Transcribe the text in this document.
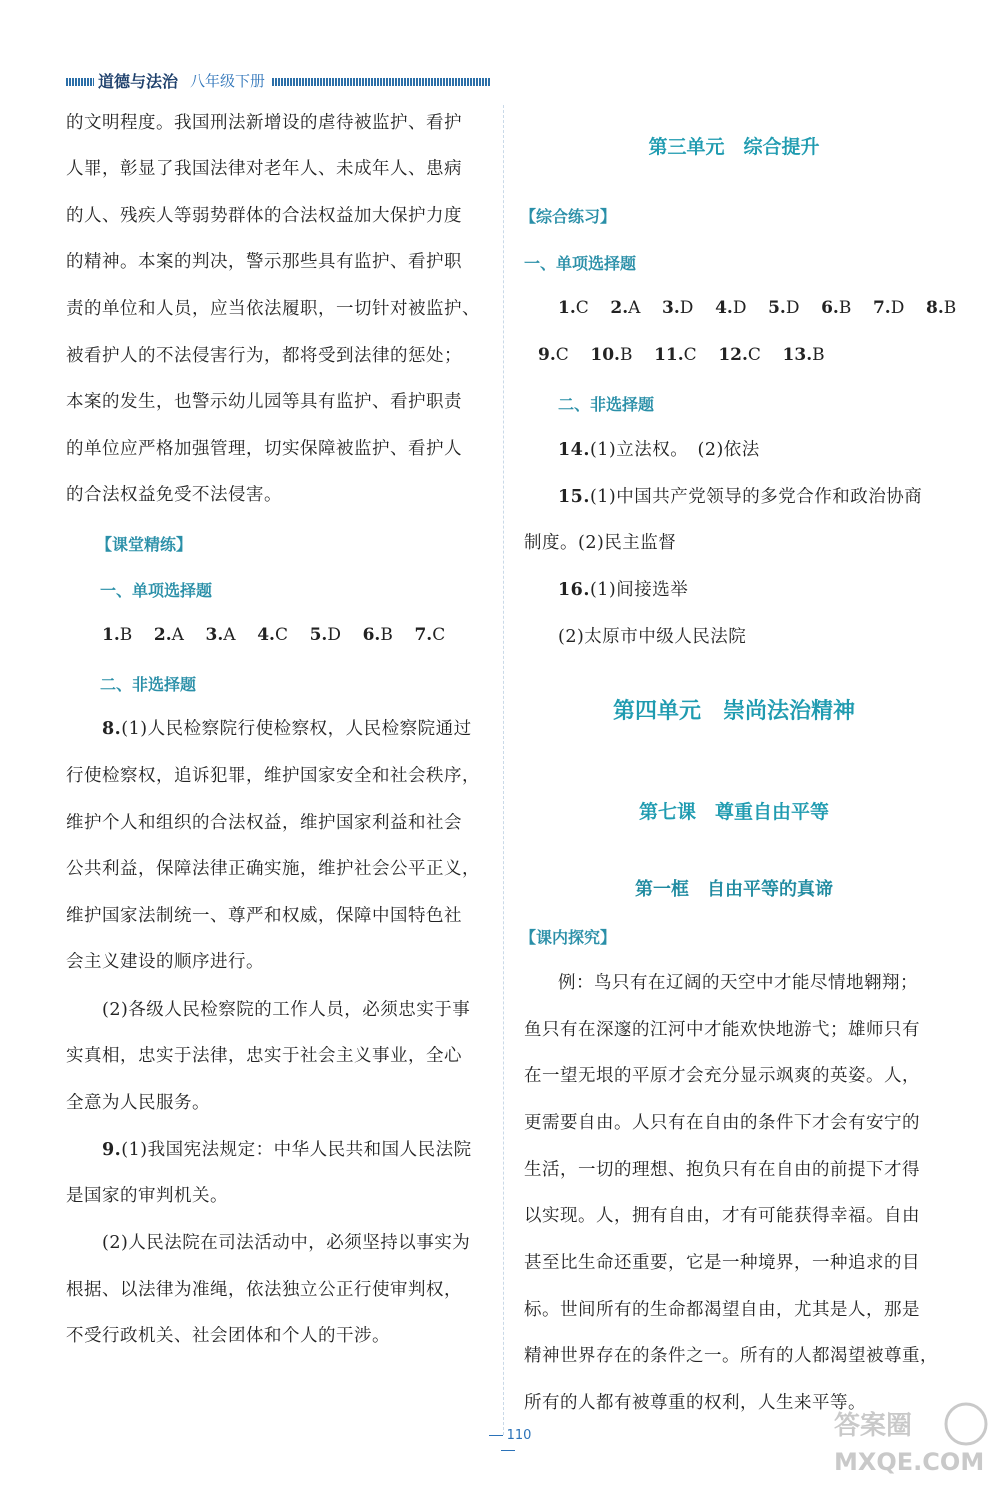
道德与法治 八年级下册
的文明程度。我国刑法新增设的虐待被监护、看护
人罪，彰显了我国法律对老年人、未成年人、患病
的人、残疾人等弱势群体的合法权益加大保护力度
的精神。本案的判决，警示那些具有监护、看护职
责的单位和人员，应当依法履职，一切针对被监护、
被看护人的不法侵害行为，都将受到法律的惩处；
本案的发生，也警示幼儿园等具有监护、看护职责
的单位应严格加强管理，切实保障被监护、看护人
的合法权益免受不法侵害。
【课堂精练】
一、单项选择题
1.B 2.A 3.A 4.C 5.D 6.B 7.C
二、非选择题
8.(1)人民检察院行使检察权，人民检察院通过
行使检察权，追诉犯罪，维护国家安全和社会秩序，
维护个人和组织的合法权益，维护国家利益和社会
公共利益，保障法律正确实施，维护社会公平正义，
维护国家法制统一、尊严和权威，保障中国特色社
会主义建设的顺序进行。
(2)各级人民检察院的工作人员，必须忠实于事
实真相，忠实于法律，忠实于社会主义事业，全心
全意为人民服务。
9.(1)我国宪法规定：中华人民共和国人民法院
是国家的审判机关。
(2)人民法院在司法活动中，必须坚持以事实为
根据、以法律为准绳，依法独立公正行使审判权，
不受行政机关、社会团体和个人的干涉。
第三单元　综合提升
【综合练习】
一、单项选择题
1.C 2.A 3.D 4.D 5.D 6.B 7.D 8.B
9.C 10.B 11.C 12.C 13.B
二、非选择题
14.(1)立法权。　(2)依法
15.(1)中国共产党领导的多党合作和政治协商
制度。(2)民主监督
16.(1)间接选举
(2)太原市中级人民法院
第四单元　崇尚法治精神
第七课　尊重自由平等
第一框　自由平等的真谛
【课内探究】
例：鸟只有在辽阔的天空中才能尽情地翱翔；
鱼只有在深邃的江河中才能欢快地游弋；雄师只有
在一望无垠的平原才会充分显示飒爽的英姿。人，
更需要自由。人只有在自由的条件下才会有安宁的
生活，一切的理想、抱负只有在自由的前提下才得
以实现。人，拥有自由，才有可能获得幸福。自由
甚至比生命还重要，它是一种境界，一种追求的目
标。世间所有的生命都渴望自由，尤其是人，那是
精神世界存在的条件之一。所有的人都渴望被尊重，
所有的人都有被尊重的权利，人生来平等。
110	答案圈
MXQE.COM
